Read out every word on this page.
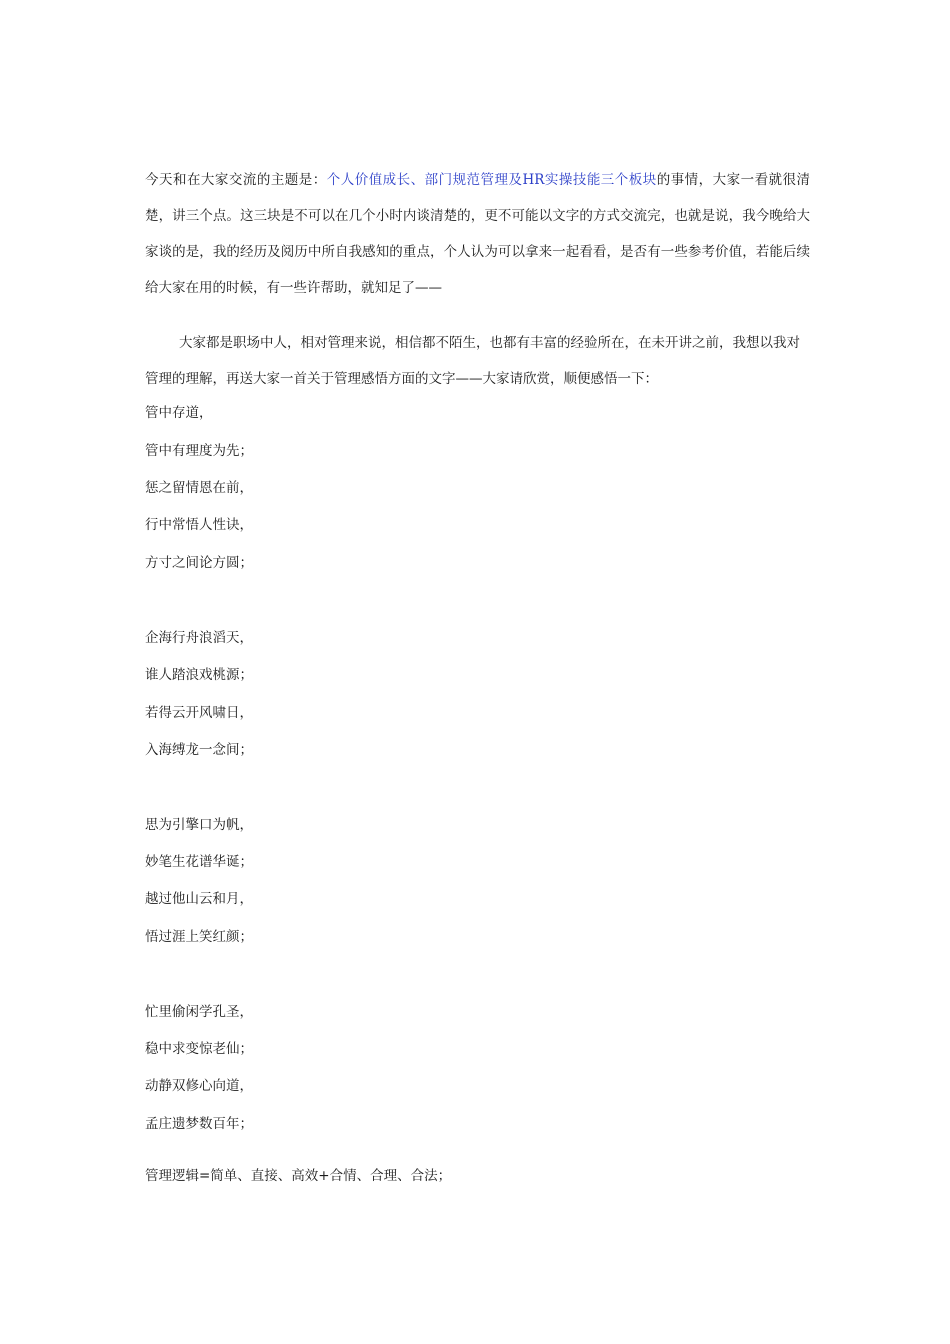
今天和在大家交流的主题是：个人价值成长、部门规范管理及HR实操技能三个板块的事情，大家一看就很清楚，讲三个点。这三块是不可以在几个小时内谈清楚的，更不可能以文字的方式交流完，也就是说，我今晚给大家谈的是，我的经历及阅历中所自我感知的重点，个人认为可以拿来一起看看，是否有一些参考价值，若能后续给大家在用的时候，有一些许帮助，就知足了——

大家都是职场中人，相对管理来说，相信都不陌生，也都有丰富的经验所在，在未开讲之前，我想以我对管理的理解，再送大家一首关于管理感悟方面的文字——大家请欣赏，顺便感悟一下：

管中存道，

管中有理度为先；

惩之留情恩在前，

行中常悟人性诀，

方寸之间论方圆；

企海行舟浪滔天，

谁人踏浪戏桃源；

若得云开风啸日，

入海缚龙一念间；

思为引擎口为帆，

妙笔生花谱华诞；

越过他山云和月，

悟过涯上笑红颜；

忙里偷闲学孔圣，

稳中求变惊老仙；

动静双修心向道，

孟庄遗梦数百年；

管理逻辑=简单、直接、高效+合情、合理、合法；
